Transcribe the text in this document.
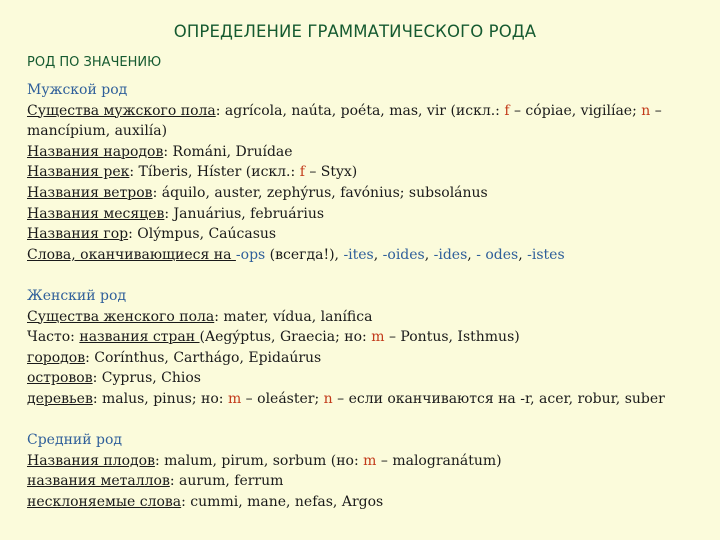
ОПРЕДЕЛЕНИЕ ГРАММАТИЧЕСКОГО РОДА
РОД ПО ЗНАЧЕНИЮ
Мужской род
Существа мужского пола: agrícola, naúta, poéta, mas, vir (искл.: f – cópiae, vigilíae; n – mancípium, auxilía)
Названия народов: Románi, Druídae
Названия рек: Tíberis, Híster (искл.: f – Styx)
Названия ветров: áquilo, auster, zephýrus, favónius; subsolánus
Названия месяцев: Januárius, februárius
Названия гор: Olýmpus, Caúcasus
Слова, оканчивающиеся на -ops (всегда!), -ites, -oides, -ides, - odes, -istes
Женский род
Существа женского пола: mater, vídua, laníf‍ica
Часто: названия стран (Aegýptus, Graecia; но: m – Pontus, Isthmus)
городов: Corínthus, Carthágo, Epidaúrus
островов: Cyprus, Chios
деревьев: malus, pinus; но: m – oleáster; n – если оканчиваются на -r, acer, robur, suber
Средний род
Названия плодов: malum, pirum, sorbum (но: m – malogranátum)
названия металлов: aurum, ferrum
несклоняемые слова: cummi, mane, nefas, Argos
